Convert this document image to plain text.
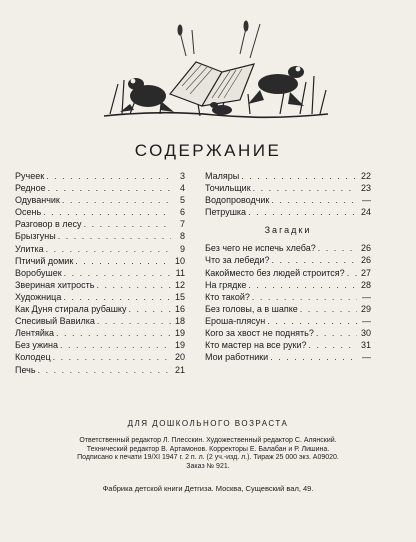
СОДЕРЖАНИЕ
Ручеек . . .	3
Редное . . .	4
Одуванчик . . .	5
Осень . . .	6
Разговор в лесу . . .	7
Брызгуны . . .	8
Улитка . . .	9
Птичий домик . . .	10
Воробушек . . .	11
Звериная хитрость . . .	12
Художница . . .	15
Как Дуня стирала рубашку . . .	16
Спесивый Вавилка . . .	18
Лентяйка . . .	19
Без ужина . . .	19
Колодец . . .	20
Печь . . .	21
Маляры . . .	22
Точильщик . . .	23
Водопроводчик . . .	—
Петрушка . . .	24
Загадки
Без чего не испечь хлеба? . . .	26
Что за лебеди? . . .	26
Какойместо без людей строится? . . .	27
На грядке . . .	28
Кто такой? . . .	—
Без головы, а в шапке . . .	29
Ероша-плясун . . .	—
Кого за хвост не поднять? . . .	30
Кто мастер на все руки? . . .	31
Мои работники . . .	—
ДЛЯ ДОШКОЛЬНОГО ВОЗРАСТА
Ответственный редактор Л. Плесскин. Художественный редактор С. Алянский.
Технический редактор В. Артамонов. Корректоры Е. Балабан и Р. Лишина.
Подписано к печати 19/XI 1947 г. 2 п. л. (2 уч.-изд. л.). Тираж 25 000 экз. А09020.
Заказ № 921.
Фабрика детской книги Детгиза. Москва, Сущевский вал, 49.
